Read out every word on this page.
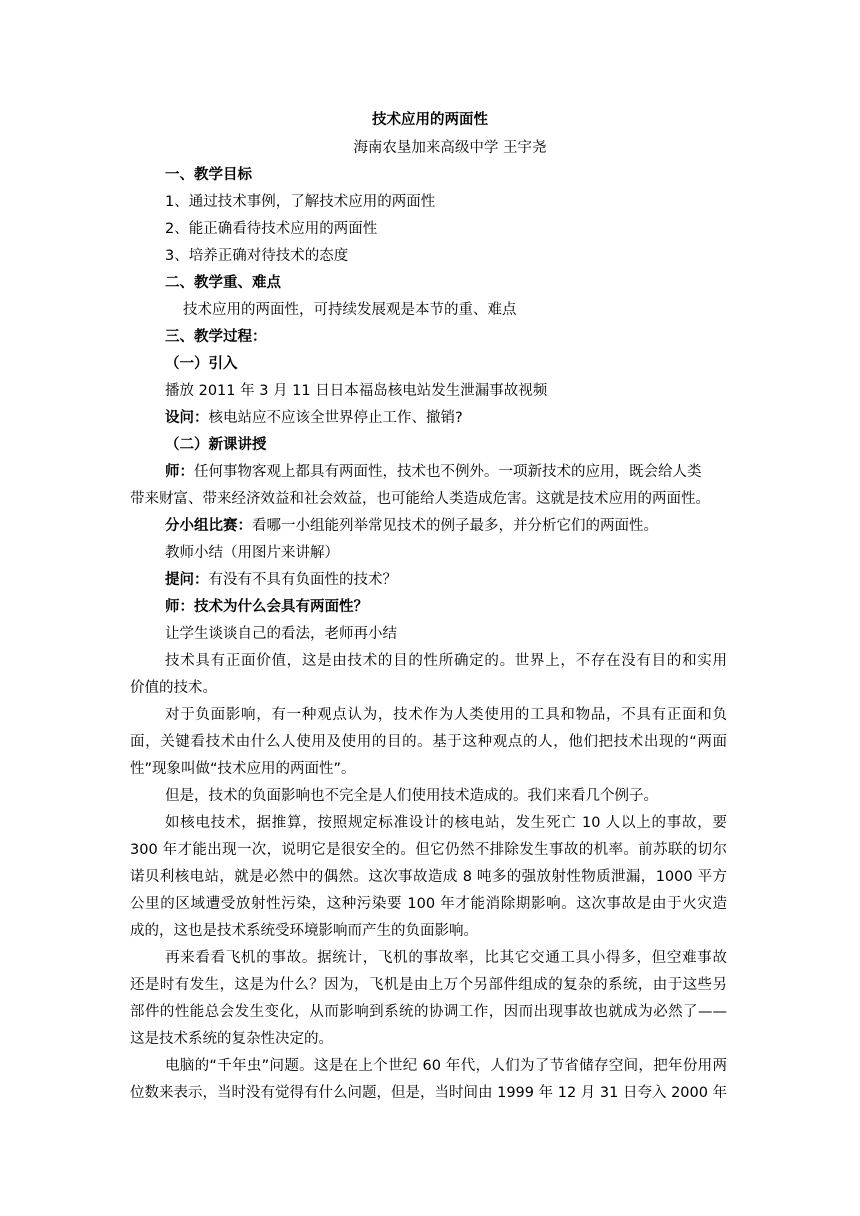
技术应用的两面性
海南农垦加来高级中学 王宇尧
一、教学目标
1、通过技术事例，了解技术应用的两面性
2、能正确看待技术应用的两面性
3、培养正确对待技术的态度
二、教学重、难点
技术应用的两面性，可持续发展观是本节的重、难点
三、教学过程：
（一）引入
播放 2011 年 3 月 11 日日本福岛核电站发生泄漏事故视频
设问：核电站应不应该全世界停止工作、撤销?
（二）新课讲授
师：任何事物客观上都具有两面性，技术也不例外。一项新技术的应用，既会给人类
带来财富、带来经济效益和社会效益，也可能给人类造成危害。这就是技术应用的两面性。
分小组比赛：看哪一小组能列举常见技术的例子最多，并分析它们的两面性。
教师小结（用图片来讲解）
提问：有没有不具有负面性的技术？
师：技术为什么会具有两面性？
让学生谈谈自己的看法，老师再小结
技术具有正面价值，这是由技术的目的性所确定的。世界上，不存在没有目的和实用
价值的技术。
对于负面影响，有一种观点认为，技术作为人类使用的工具和物品，不具有正面和负
面，关键看技术由什么人使用及使用的目的。基于这种观点的人，他们把技术出现的“两面
性”现象叫做“技术应用的两面性”。
但是，技术的负面影响也不完全是人们使用技术造成的。我们来看几个例子。
如核电技术，据推算，按照规定标准设计的核电站，发生死亡 10 人以上的事故，要
300 年才能出现一次，说明它是很安全的。但它仍然不排除发生事故的机率。前苏联的切尔
诺贝利核电站，就是必然中的偶然。这次事故造成 8 吨多的强放射性物质泄漏，1000 平方
公里的区域遭受放射性污染，这种污染要 100 年才能消除期影响。这次事故是由于火灾造
成的，这也是技术系统受环境影响而产生的负面影响。
再来看看飞机的事故。据统计，飞机的事故率，比其它交通工具小得多，但空难事故
还是时有发生，这是为什么？因为，飞机是由上万个另部件组成的复杂的系统，由于这些另
部件的性能总会发生变化，从而影响到系统的协调工作，因而出现事故也就成为必然了——
这是技术系统的复杂性决定的。
电脑的“千年虫”问题。这是在上个世纪 60 年代，人们为了节省储存空间，把年份用两
位数来表示，当时没有觉得有什么问题，但是，当时间由 1999 年 12 月 31 日夸入 2000 年
